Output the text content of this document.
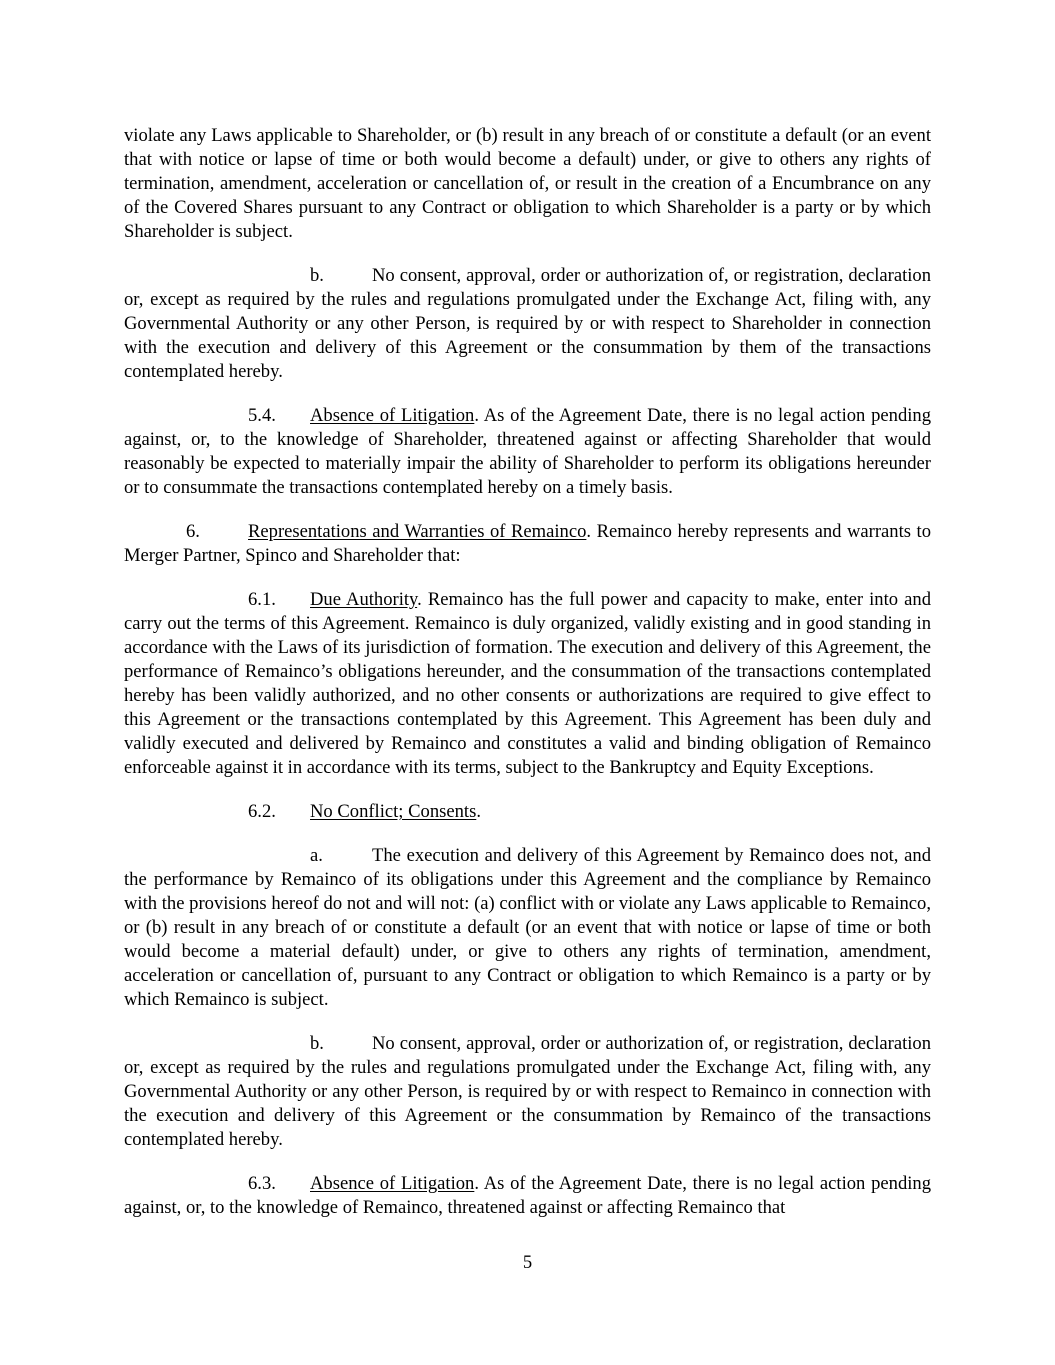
violate any Laws applicable to Shareholder, or (b) result in any breach of or constitute a default (or an event that with notice or lapse of time or both would become a default) under, or give to others any rights of termination, amendment, acceleration or cancellation of, or result in the creation of a Encumbrance on any of the Covered Shares pursuant to any Contract or obligation to which Shareholder is a party or by which Shareholder is subject.

b.	No consent, approval, order or authorization of, or registration, declaration or, except as required by the rules and regulations promulgated under the Exchange Act, filing with, any Governmental Authority or any other Person, is required by or with respect to Shareholder in connection with the execution and delivery of this Agreement or the consummation by them of the transactions contemplated hereby.

5.4. Absence of Litigation. As of the Agreement Date, there is no legal action pending against, or, to the knowledge of Shareholder, threatened against or affecting Shareholder that would reasonably be expected to materially impair the ability of Shareholder to perform its obligations hereunder or to consummate the transactions contemplated hereby on a timely basis.

6.	Representations and Warranties of Remainco. Remainco hereby represents and warrants to Merger Partner, Spinco and Shareholder that:

6.1. Due Authority. Remainco has the full power and capacity to make, enter into and carry out the terms of this Agreement. Remainco is duly organized, validly existing and in good standing in accordance with the Laws of its jurisdiction of formation. The execution and delivery of this Agreement, the performance of Remainco’s obligations hereunder, and the consummation of the transactions contemplated hereby has been validly authorized, and no other consents or authorizations are required to give effect to this Agreement or the transactions contemplated by this Agreement. This Agreement has been duly and validly executed and delivered by Remainco and constitutes a valid and binding obligation of Remainco enforceable against it in accordance with its terms, subject to the Bankruptcy and Equity Exceptions.

6.2. No Conflict; Consents.

a.	The execution and delivery of this Agreement by Remainco does not, and the performance by Remainco of its obligations under this Agreement and the compliance by Remainco with the provisions hereof do not and will not: (a) conflict with or violate any Laws applicable to Remainco, or (b) result in any breach of or constitute a default (or an event that with notice or lapse of time or both would become a material default) under, or give to others any rights of termination, amendment, acceleration or cancellation of, pursuant to any Contract or obligation to which Remainco is a party or by which Remainco is subject.

b.	No consent, approval, order or authorization of, or registration, declaration or, except as required by the rules and regulations promulgated under the Exchange Act, filing with, any Governmental Authority or any other Person, is required by or with respect to Remainco in connection with the execution and delivery of this Agreement or the consummation by Remainco of the transactions contemplated hereby.

6.3. Absence of Litigation. As of the Agreement Date, there is no legal action pending against, or, to the knowledge of Remainco, threatened against or affecting Remainco that

5
